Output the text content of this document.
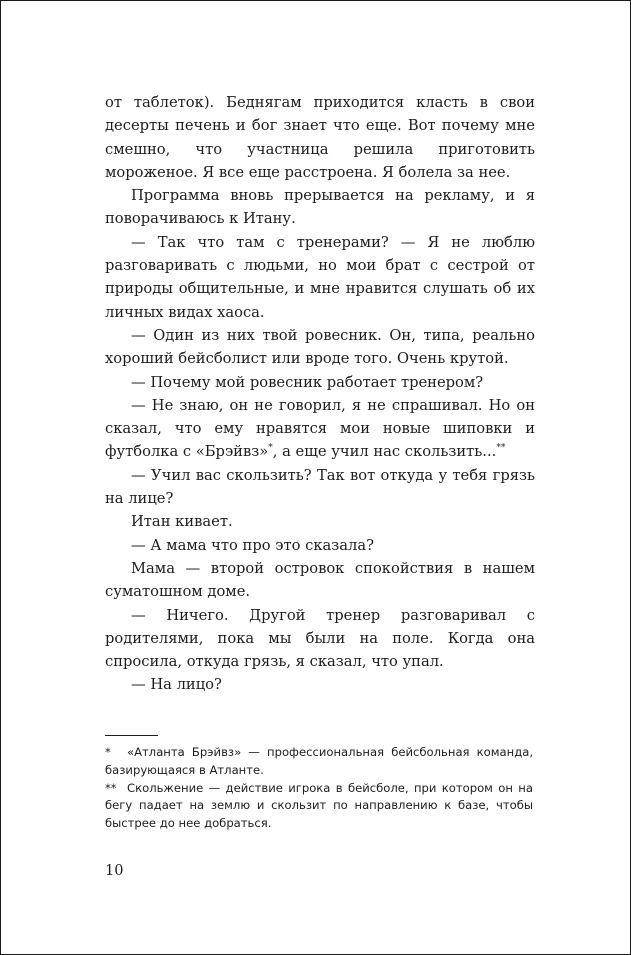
от таблеток). Беднягам приходится класть в свои десерты печень и бог знает что еще. Вот почему мне смешно, что участница решила приготовить мороженое. Я все еще расстроена. Я болела за нее.

Программа вновь прерывается на рекламу, и я поворачиваюсь к Итану.

— Так что там с тренерами? — Я не люблю разговаривать с людьми, но мои брат с сестрой от природы общительные, и мне нравится слушать об их личных видах хаоса.

— Один из них твой ровесник. Он, типа, реально хороший бейсболист или вроде того. Очень крутой.

— Почему мой ровесник работает тренером?

— Не знаю, он не говорил, я не спрашивал. Но он сказал, что ему нравятся мои новые шиповки и футболка с «Брэйвз»*, а еще учил нас скользить...**

— Учил вас скользить? Так вот откуда у тебя грязь на лице?

Итан кивает.

— А мама что про это сказала?

Мама — второй островок спокойствия в нашем суматошном доме.

— Ничего. Другой тренер разговаривал с родителями, пока мы были на поле. Когда она спросила, откуда грязь, я сказал, что упал.

— На лицо?

* «Атланта Брэйвз» — профессиональная бейсбольная команда, базирующаяся в Атланте.

** Скольжение — действие игрока в бейсболе, при котором он на бегу падает на землю и скользит по направлению к базе, чтобы быстрее до нее добраться.

10
